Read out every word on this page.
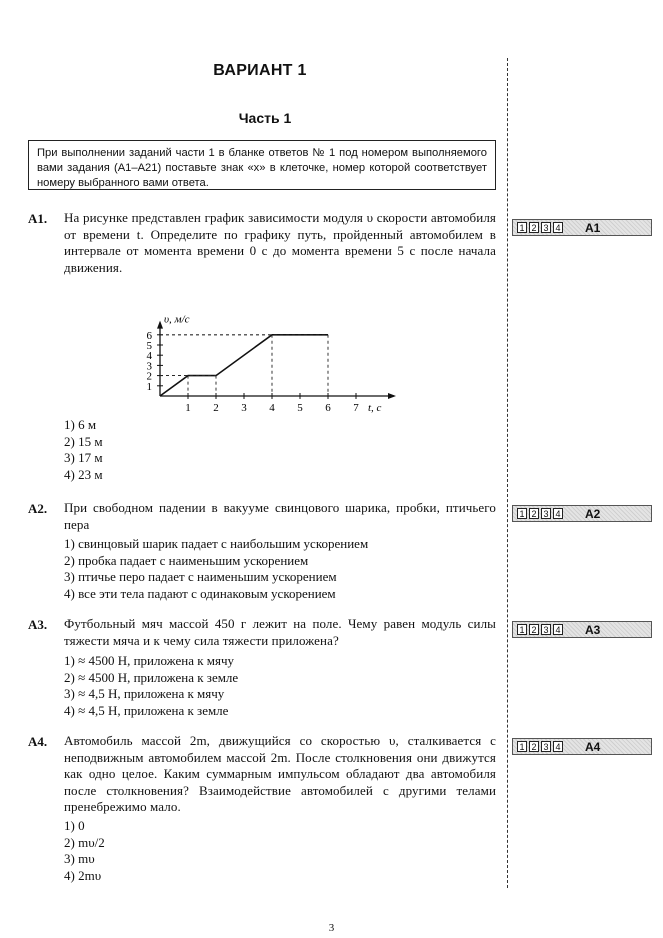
ВАРИАНТ 1
Часть 1
При выполнении заданий части 1 в бланке ответов № 1 под номером выполняемого вами задания (А1–А21) поставьте знак «х» в клеточке, номер которой соответствует номеру выбранного вами ответа.
А1. На рисунке представлен график зависимости модуля υ скорости автомобиля от времени t. Определите по графику путь, пройденный автомобилем в интервале от момента времени 0 с до момента времени 5 с после начала движения.
1 2 3 4 А1
1 2 3 4 5 6 7
1
2
3
4
5
6
υ, м/с
t, с
1) 6 м
2) 15 м
3) 17 м
4) 23 м
А2. При свободном падении в вакууме свинцового шарика, пробки, птичьего пера
1 2 3 4 А2
1) свинцовый шарик падает с наибольшим ускорением
2) пробка падает с наименьшим ускорением
3) птичье перо падает с наименьшим ускорением
4) все эти тела падают с одинаковым ускорением
А3. Футбольный мяч массой 450 г лежит на поле. Чему равен модуль силы тяжести мяча и к чему сила тяжести приложена?
1 2 3 4 А3
1) ≈ 4500 Н, приложена к мячу
2) ≈ 4500 Н, приложена к земле
3) ≈ 4,5 Н, приложена к мячу
4) ≈ 4,5 Н, приложена к земле
А4. Автомобиль массой 2m, движущийся со скоростью υ, сталкивается с неподвижным автомобилем массой 2m. После столкновения они движутся как одно целое. Каким суммарным импульсом обладают два автомобиля после столкновения? Взаимодействие автомобилей с другими телами пренебрежимо мало.
1 2 3 4 А4
1) 0
2) mυ/2
3) mυ
4) 2mυ
3
